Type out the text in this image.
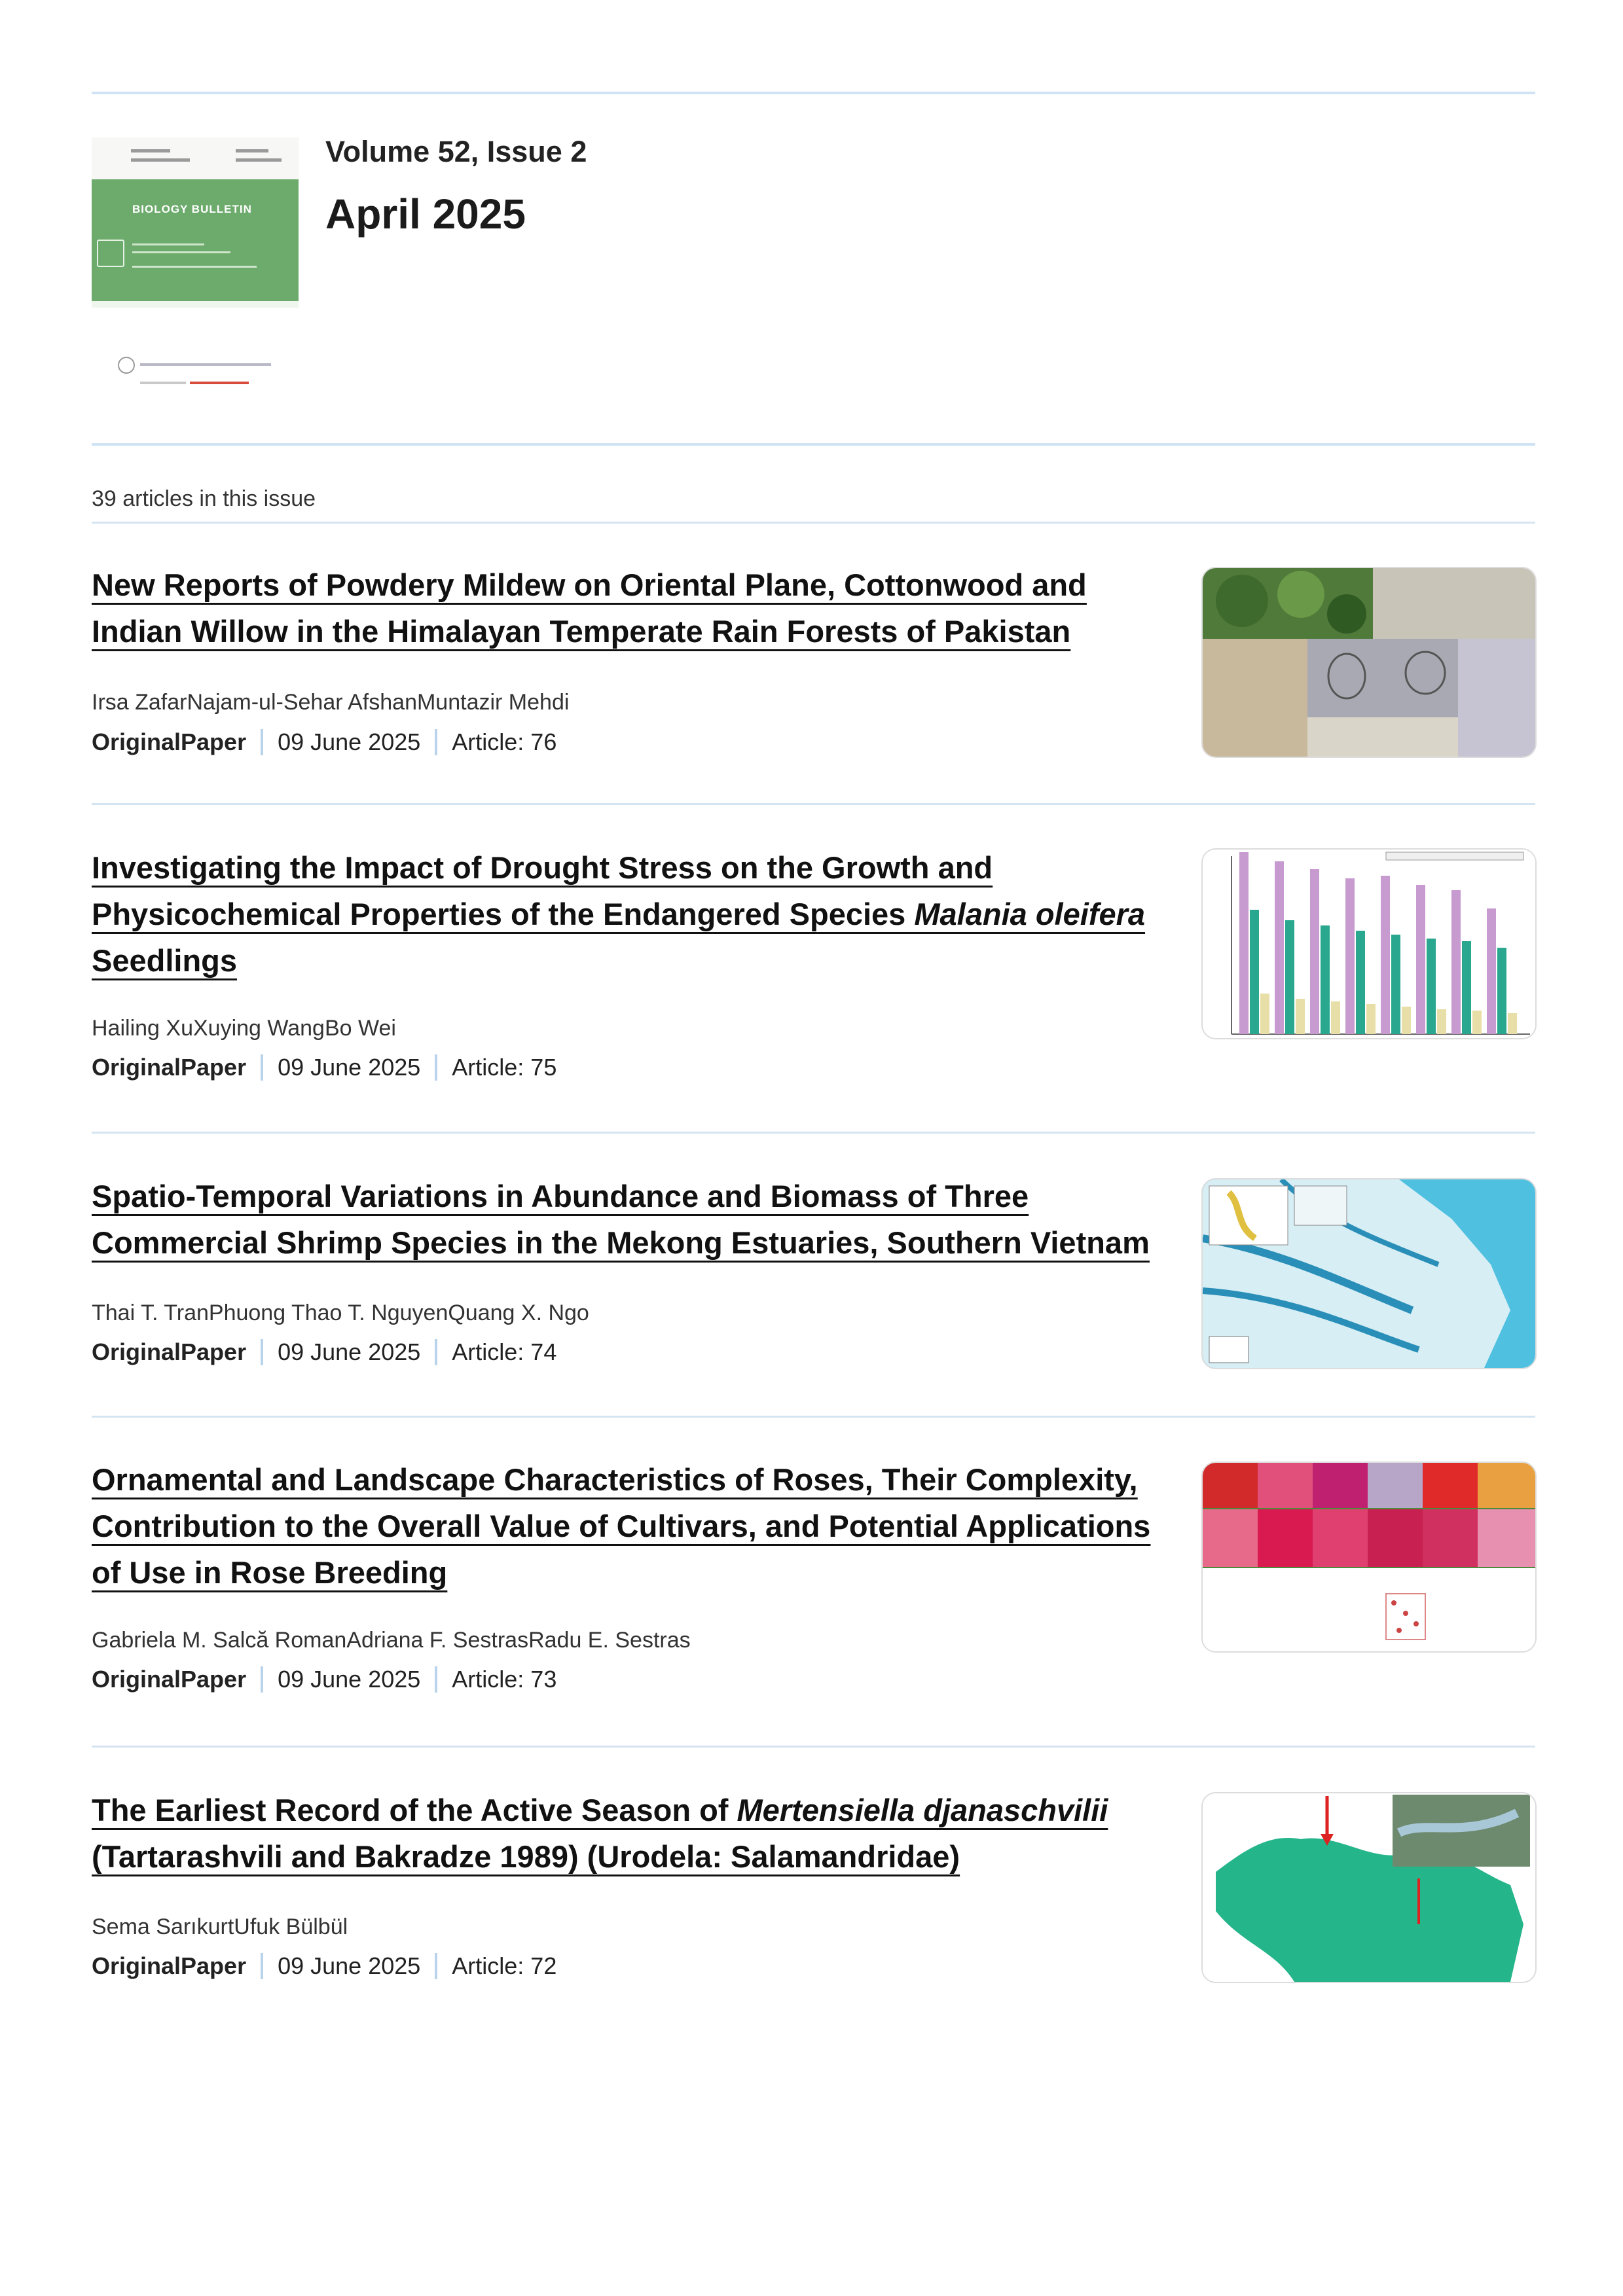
BIOLOGY BULLETIN
Volume 52, Issue 2
April 2025
39 articles in this issue
New Reports of Powdery Mildew on Oriental Plane, Cottonwood and Indian Willow in the Himalayan Temperate Rain Forests of Pakistan
Irsa ZafarNajam-ul-Sehar AfshanMuntazir Mehdi
OriginalPaper 09 June 2025 Article: 76
Investigating the Impact of Drought Stress on the Growth and Physicochemical Properties of the Endangered Species Malania oleifera Seedlings
Hailing XuXuying WangBo Wei
OriginalPaper 09 June 2025 Article: 75
Spatio-Temporal Variations in Abundance and Biomass of Three Commercial Shrimp Species in the Mekong Estuaries, Southern Vietnam
Thai T. TranPhuong Thao T. NguyenQuang X. Ngo
OriginalPaper 09 June 2025 Article: 74
Ornamental and Landscape Characteristics of Roses, Their Complexity, Contribution to the Overall Value of Cultivars, and Potential Applications of Use in Rose Breeding
Gabriela M. Salcă RomanAdriana F. SestrasRadu E. Sestras
OriginalPaper 09 June 2025 Article: 73
The Earliest Record of the Active Season of Mertensiella djanaschvilii (Tartarashvili and Bakradze 1989) (Urodela: Salamandridae)
Sema SarıkurtUfuk Bülbül
OriginalPaper 09 June 2025 Article: 72
